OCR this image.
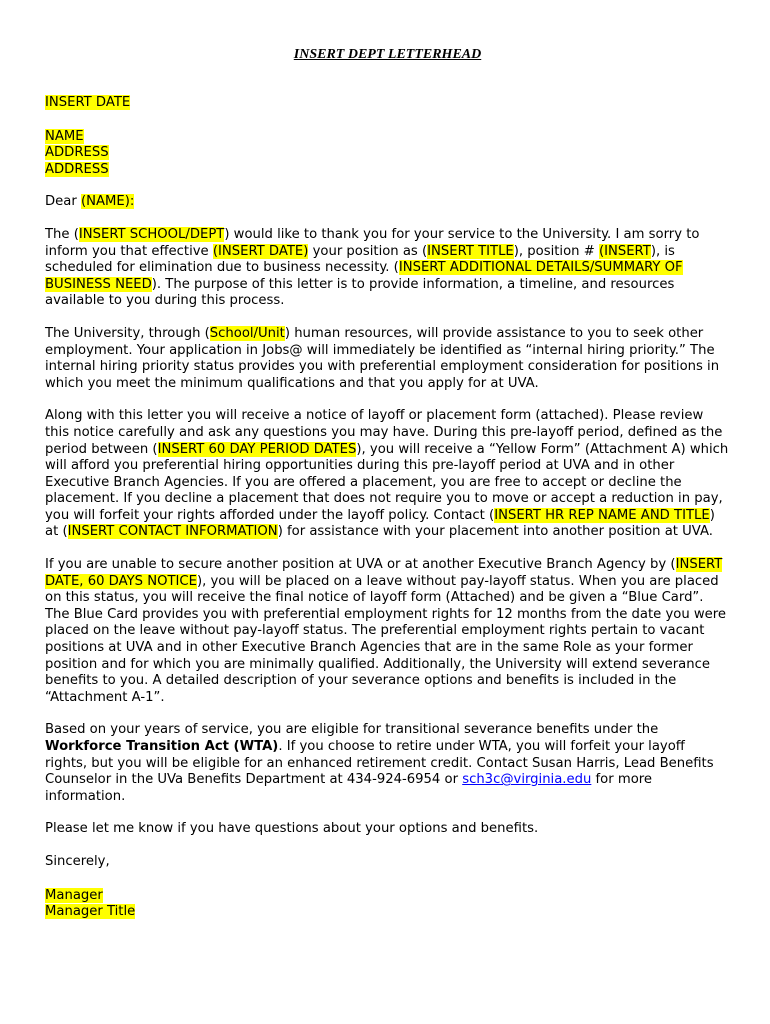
INSERT DEPT LETTERHEAD

INSERT DATE

NAME
ADDRESS
ADDRESS

Dear (NAME):

The (INSERT SCHOOL/DEPT) would like to thank you for your service to the University. I am sorry to inform you that effective (INSERT DATE) your position as (INSERT TITLE), position # (INSERT), is scheduled for elimination due to business necessity. (INSERT ADDITIONAL DETAILS/SUMMARY OF BUSINESS NEED). The purpose of this letter is to provide information, a timeline, and resources available to you during this process.

The University, through (School/Unit) human resources, will provide assistance to you to seek other employment. Your application in Jobs@ will immediately be identified as “internal hiring priority.” The internal hiring priority status provides you with preferential employment consideration for positions in which you meet the minimum qualifications and that you apply for at UVA.

Along with this letter you will receive a notice of layoff or placement form (attached). Please review this notice carefully and ask any questions you may have. During this pre-layoff period, defined as the period between (INSERT 60 DAY PERIOD DATES), you will receive a “Yellow Form” (Attachment A) which will afford you preferential hiring opportunities during this pre-layoff period at UVA and in other Executive Branch Agencies. If you are offered a placement, you are free to accept or decline the placement. If you decline a placement that does not require you to move or accept a reduction in pay, you will forfeit your rights afforded under the layoff policy. Contact (INSERT HR REP NAME AND TITLE) at (INSERT CONTACT INFORMATION) for assistance with your placement into another position at UVA.

If you are unable to secure another position at UVA or at another Executive Branch Agency by (INSERT DATE, 60 DAYS NOTICE), you will be placed on a leave without pay-layoff status. When you are placed on this status, you will receive the final notice of layoff form (Attached) and be given a “Blue Card”. The Blue Card provides you with preferential employment rights for 12 months from the date you were placed on the leave without pay-layoff status. The preferential employment rights pertain to vacant positions at UVA and in other Executive Branch Agencies that are in the same Role as your former position and for which you are minimally qualified. Additionally, the University will extend severance benefits to you. A detailed description of your severance options and benefits is included in the “Attachment A-1”.

Based on your years of service, you are eligible for transitional severance benefits under the Workforce Transition Act (WTA). If you choose to retire under WTA, you will forfeit your layoff rights, but you will be eligible for an enhanced retirement credit. Contact Susan Harris, Lead Benefits Counselor in the UVa Benefits Department at 434-924-6954 or sch3c@virginia.edu for more information.

Please let me know if you have questions about your options and benefits.

Sincerely,

Manager
Manager Title
